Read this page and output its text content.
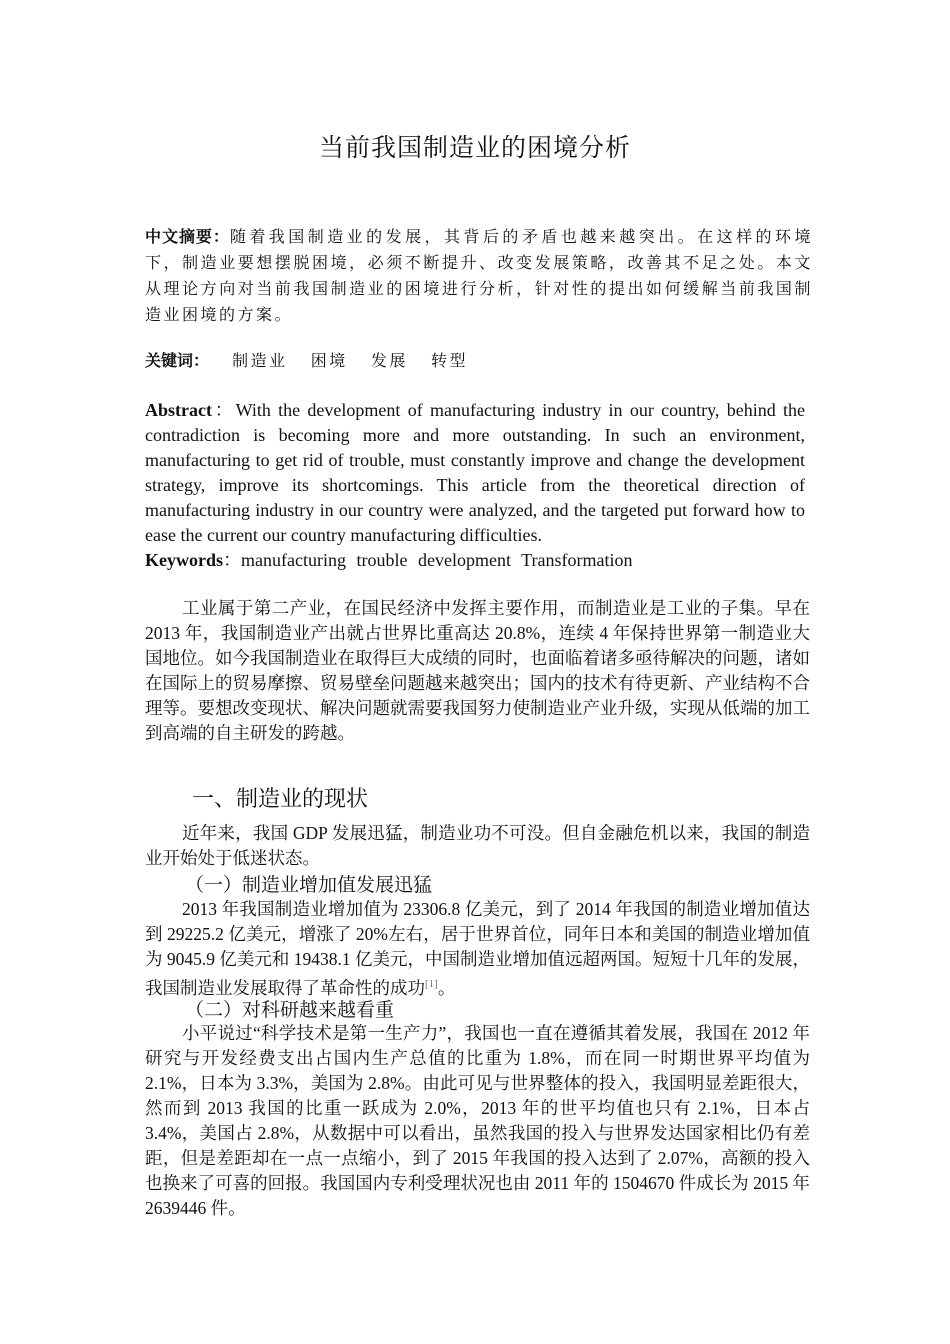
当前我国制造业的困境分析
中文摘要：随着我国制造业的发展，其背后的矛盾也越来越突出。在这样的环境下，制造业要想摆脱困境，必须不断提升、改变发展策略，改善其不足之处。本文从理论方向对当前我国制造业的困境进行分析，针对性的提出如何缓解当前我国制造业困境的方案。
关键词： 制造业 困境 发展 转型
Abstract：With the development of manufacturing industry in our country, behind the contradiction is becoming more and more outstanding. In such an environment, manufacturing to get rid of trouble, must constantly improve and change the development strategy, improve its shortcomings. This article from the theoretical direction of manufacturing industry in our country were analyzed, and the targeted put forward how to ease the current our country manufacturing difficulties.
Keywords：manufacturing trouble development Transformation
工业属于第二产业，在国民经济中发挥主要作用，而制造业是工业的子集。早在 2013 年，我国制造业产出就占世界比重高达 20.8%，连续 4 年保持世界第一制造业大国地位。如今我国制造业在取得巨大成绩的同时，也面临着诸多亟待解决的问题，诸如在国际上的贸易摩擦、贸易壁垒问题越来越突出；国内的技术有待更新、产业结构不合理等。要想改变现状、解决问题就需要我国努力使制造业产业升级，实现从低端的加工到高端的自主研发的跨越。
一、制造业的现状
近年来，我国 GDP 发展迅猛，制造业功不可没。但自金融危机以来，我国的制造业开始处于低迷状态。
（一）制造业增加值发展迅猛
2013 年我国制造业增加值为 23306.8 亿美元，到了 2014 年我国的制造业增加值达到 29225.2 亿美元，增涨了 20%左右，居于世界首位，同年日本和美国的制造业增加值为 9045.9 亿美元和 19438.1 亿美元，中国制造业增加值远超两国。短短十几年的发展，我国制造业发展取得了革命性的成功[1]。
（二）对科研越来越看重
小平说过“科学技术是第一生产力”，我国也一直在遵循其着发展，我国在 2012 年研究与开发经费支出占国内生产总值的比重为 1.8%，而在同一时期世界平均值为 2.1%，日本为 3.3%，美国为 2.8%。由此可见与世界整体的投入，我国明显差距很大，然而到 2013 我国的比重一跃成为 2.0%，2013 年的世平均值也只有 2.1%，日本占 3.4%，美国占 2.8%，从数据中可以看出，虽然我国的投入与世界发达国家相比仍有差距，但是差距却在一点一点缩小，到了 2015 年我国的投入达到了 2.07%，高额的投入也换来了可喜的回报。我国国内专利受理状况也由 2011 年的 1504670 件成长为 2015 年 2639446 件。
